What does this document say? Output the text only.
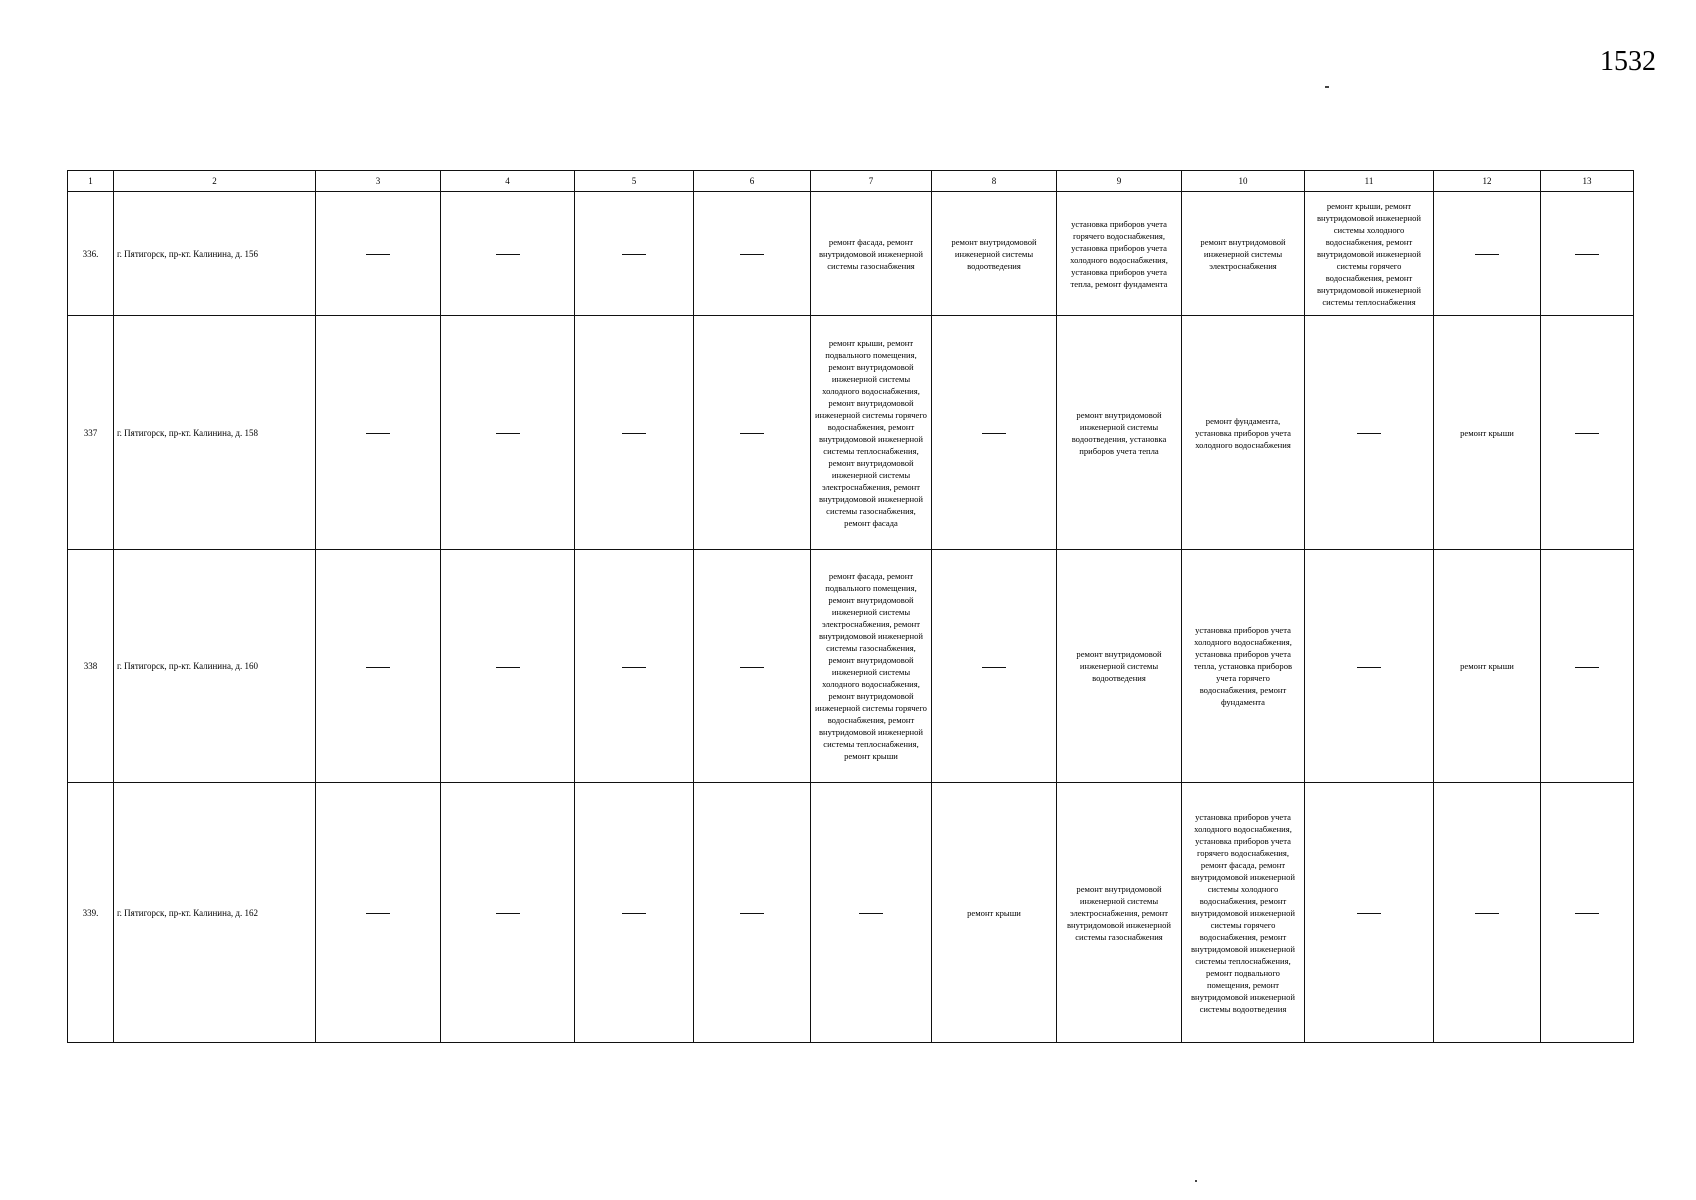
1532
1	2	3	4	5	6	7	8	9	10	11	12	13
336.	г. Пятигорск, пр-кт. Калинина, д. 156					ремонт фасада, ремонт внутридомовой инженерной системы газоснабжения	ремонт внутридомовой инженерной системы водоотведения	установка приборов учета горячего водоснабжения, установка приборов учета холодного водоснабжения, установка приборов учета тепла, ремонт фундамента	ремонт внутридомовой инженерной системы электроснабжения	ремонт крыши, ремонт внутридомовой инженерной системы холодного водоснабжения, ремонт внутридомовой инженерной системы горячего водоснабжения, ремонт внутридомовой инженерной системы теплоснабжения		
337	г. Пятигорск, пр-кт. Калинина, д. 158					ремонт крыши, ремонт подвального помещения, ремонт внутридомовой инженерной системы холодного водоснабжения, ремонт внутридомовой инженерной системы горячего водоснабжения, ремонт внутридомовой инженерной системы теплоснабжения, ремонт внутридомовой инженерной системы электроснабжения, ремонт внутридомовой инженерной системы газоснабжения, ремонт фасада		ремонт внутридомовой инженерной системы водоотведения, установка приборов учета тепла	ремонт фундамента, установка приборов учета холодного водоснабжения		ремонт крыши	
338	г. Пятигорск, пр-кт. Калинина, д. 160					ремонт фасада, ремонт подвального помещения, ремонт внутридомовой инженерной системы электроснабжения, ремонт внутридомовой инженерной системы газоснабжения, ремонт внутридомовой инженерной системы холодного водоснабжения, ремонт внутридомовой инженерной системы горячего водоснабжения, ремонт внутридомовой инженерной системы теплоснабжения, ремонт крыши		ремонт внутридомовой инженерной системы водоотведения	установка приборов учета холодного водоснабжения, установка приборов учета тепла, установка приборов учета горячего водоснабжения, ремонт фундамента		ремонт крыши	
339.	г. Пятигорск, пр-кт. Калинина, д. 162						ремонт крыши	ремонт внутридомовой инженерной системы электроснабжения, ремонт внутридомовой инженерной системы газоснабжения	установка приборов учета холодного водоснабжения, установка приборов учета горячего водоснабжения, ремонт фасада, ремонт внутридомовой инженерной системы холодного водоснабжения, ремонт внутридомовой инженерной системы горячего водоснабжения, ремонт внутридомовой инженерной системы теплоснабжения, ремонт подвального помещения, ремонт внутридомовой инженерной системы водоотведения			
